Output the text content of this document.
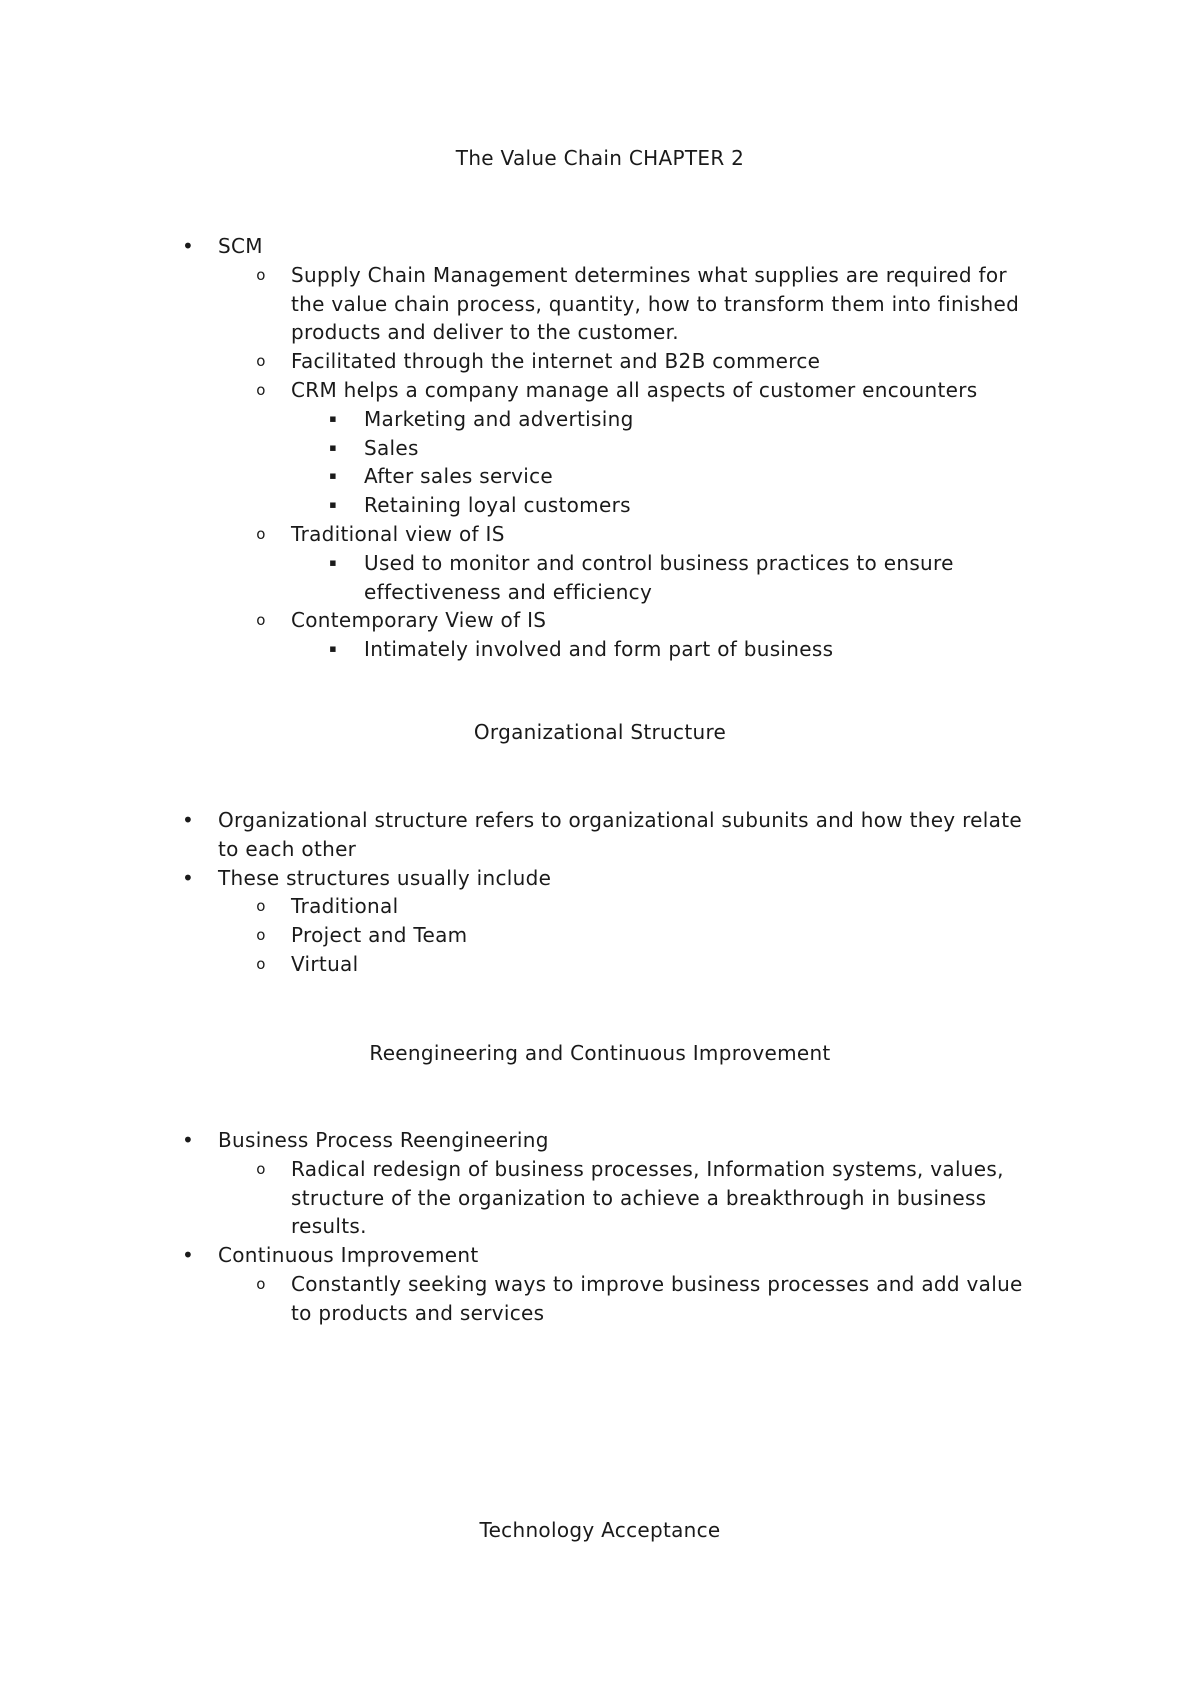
The Value Chain CHAPTER 2
• SCM
o	Supply Chain Management determines what supplies are required for the value chain process, quantity, how to transform them into finished products and deliver to the customer.
o	Facilitated through the internet and B2B commerce
o	CRM helps a company manage all aspects of customer encounters
▪	Marketing and advertising
▪	Sales
▪	After sales service
▪	Retaining loyal customers
o	Traditional view of IS
▪	Used to monitor and control business practices to ensure effectiveness and efficiency
o	Contemporary View of IS
▪	Intimately involved and form part of business
Organizational Structure
• Organizational structure refers to organizational subunits and how they relate to each other
• These structures usually include
o	Traditional
o	Project and Team
o	Virtual
Reengineering and Continuous Improvement
• Business Process Reengineering
o	Radical redesign of business processes, Information systems, values, structure of the organization to achieve a breakthrough in business results.
• Continuous Improvement
o	Constantly seeking ways to improve business processes and add value to products and services
Technology Acceptance
